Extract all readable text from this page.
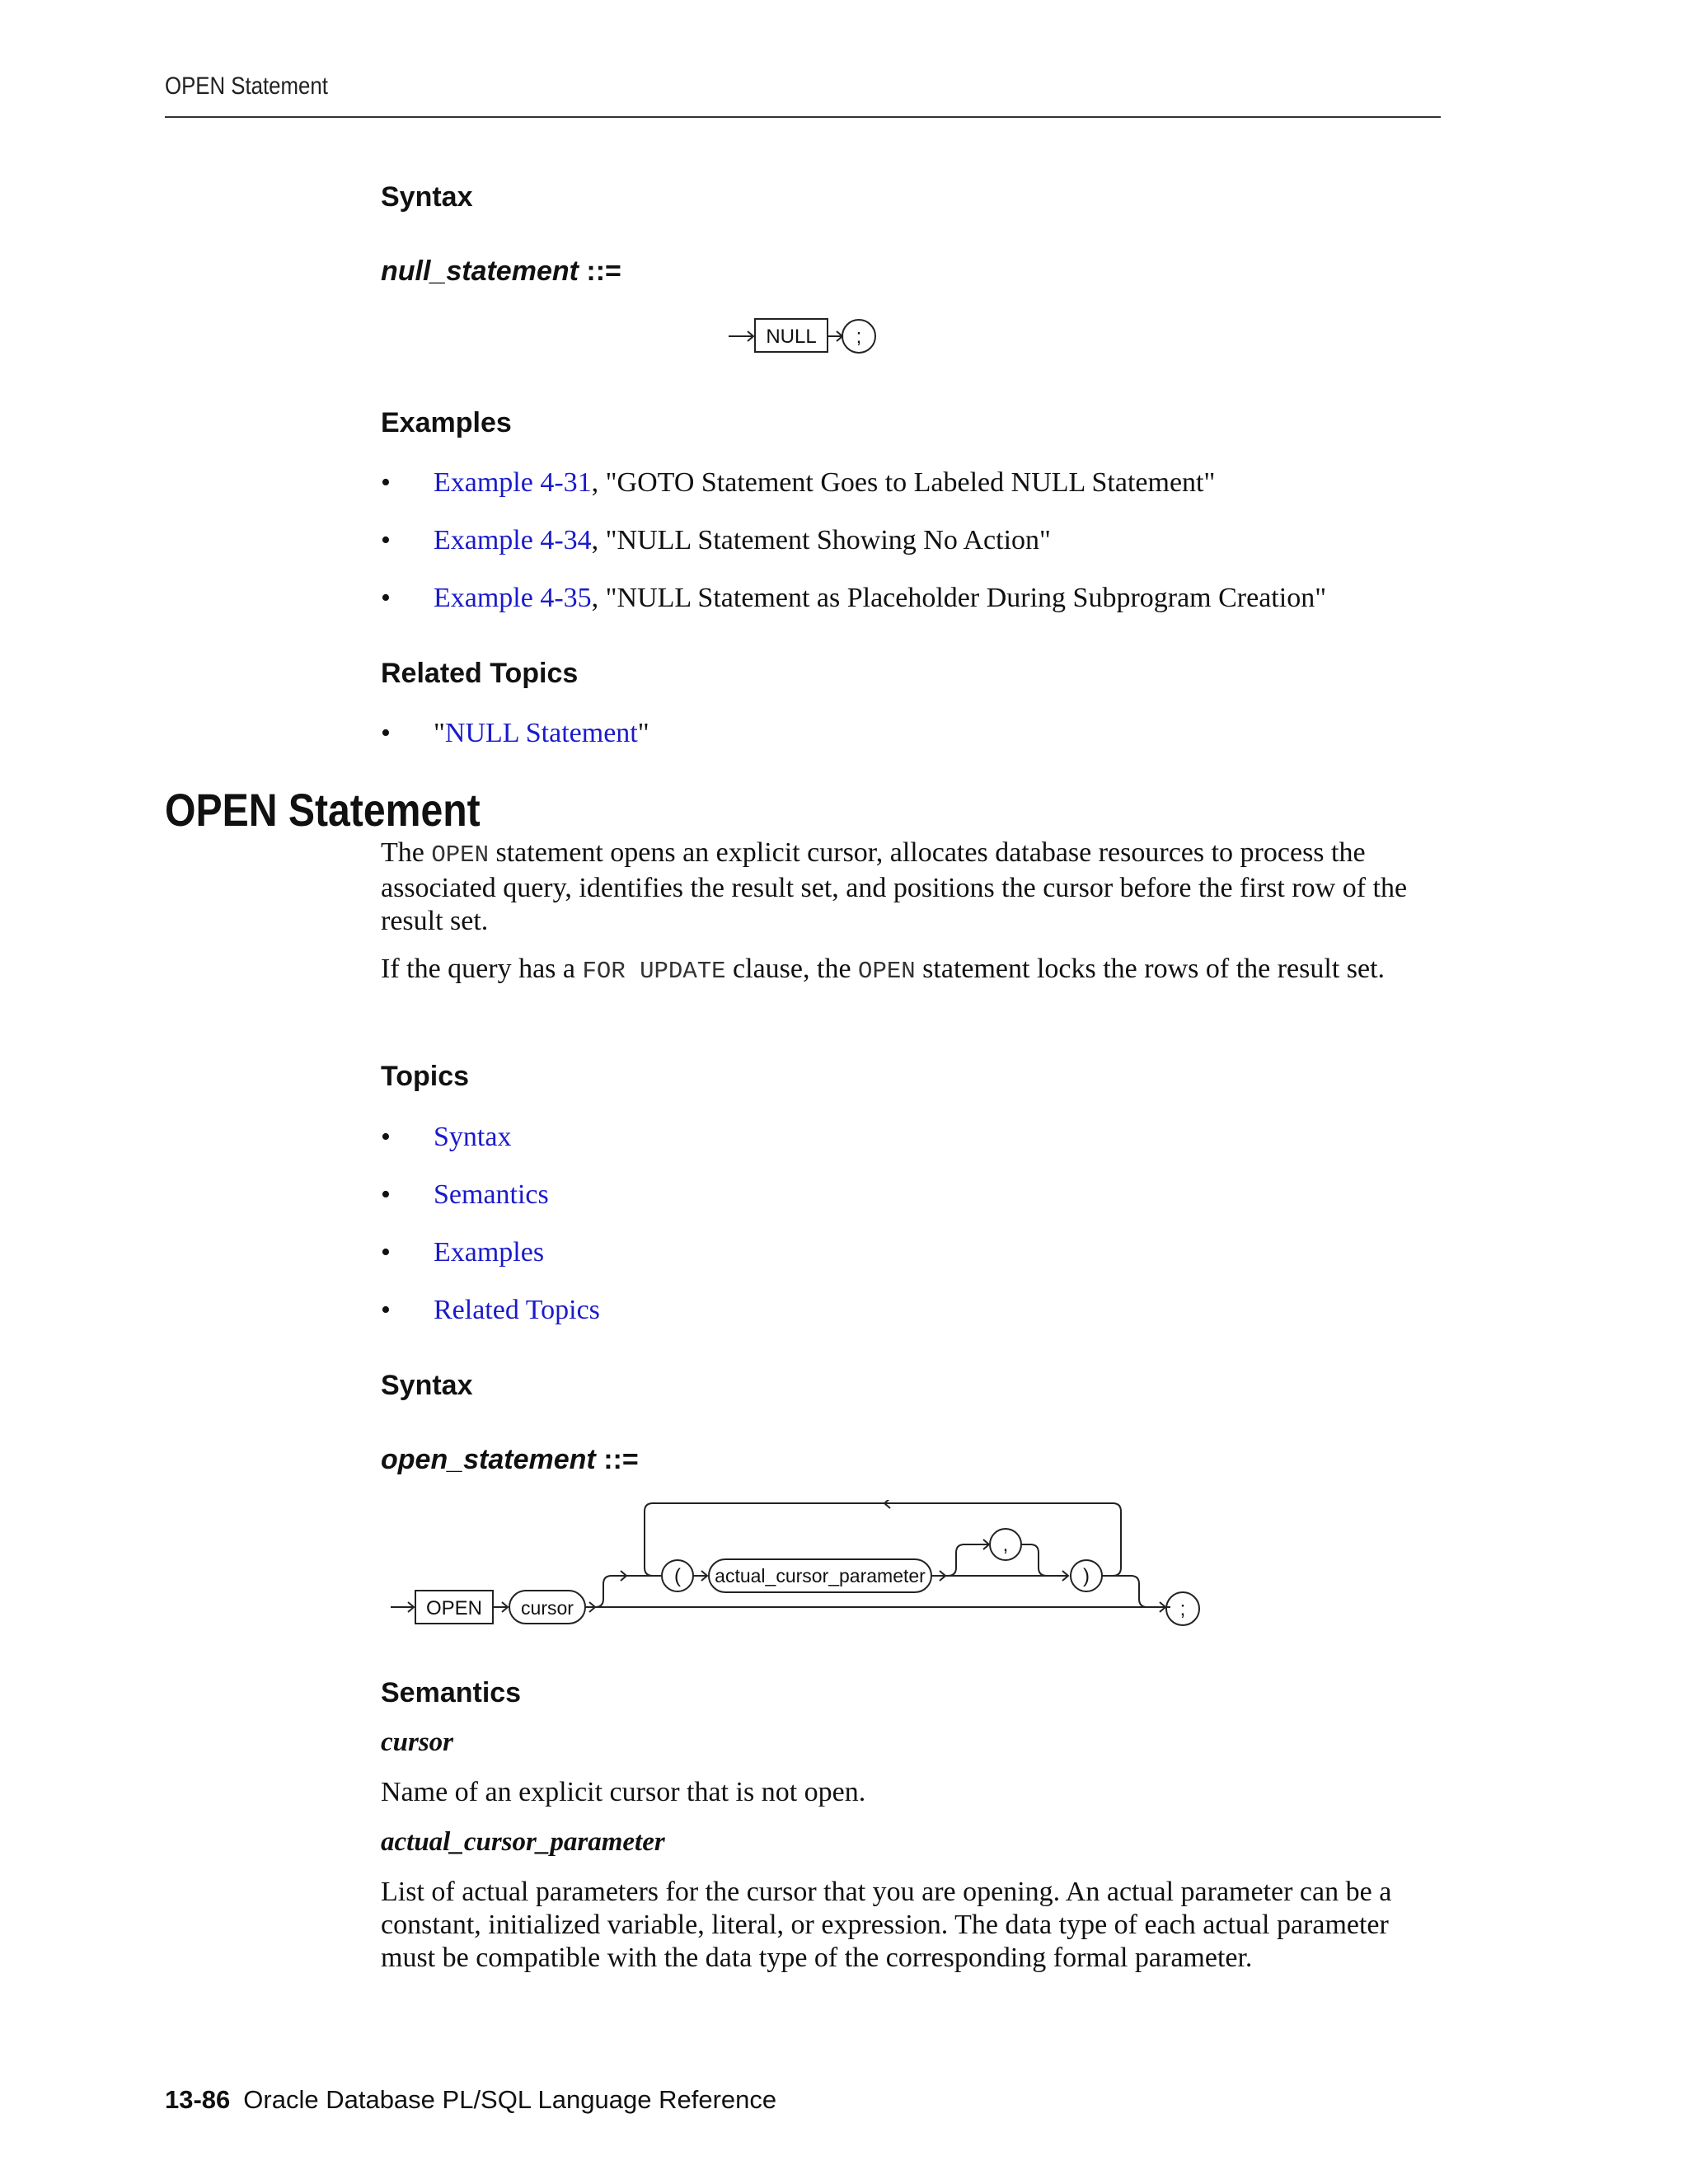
OPEN Statement
Syntax
null_statement ::=
NULL ;
Examples
• Example 4-31, "GOTO Statement Goes to Labeled NULL Statement"
• Example 4-34, "NULL Statement Showing No Action"
• Example 4-35, "NULL Statement as Placeholder During Subprogram Creation"
Related Topics
• "NULL Statement"
OPEN Statement

The OPEN statement opens an explicit cursor, allocates database resources to process the associated query, identifies the result set, and positions the cursor before the first row of the result set.

If the query has a FOR UPDATE clause, the OPEN statement locks the rows of the result set.

Topics
• Syntax
• Semantics
• Examples
• Related Topics
Syntax
open_statement ::=
OPEN cursor
( actual_cursor_parameter
,
)
;
Semantics
cursor

Name of an explicit cursor that is not open.

actual_cursor_parameter

List of actual parameters for the cursor that you are opening. An actual parameter can be a constant, initialized variable, literal, or expression. The data type of each actual parameter must be compatible with the data type of the corresponding formal parameter.

13-86 Oracle Database PL/SQL Language Reference
